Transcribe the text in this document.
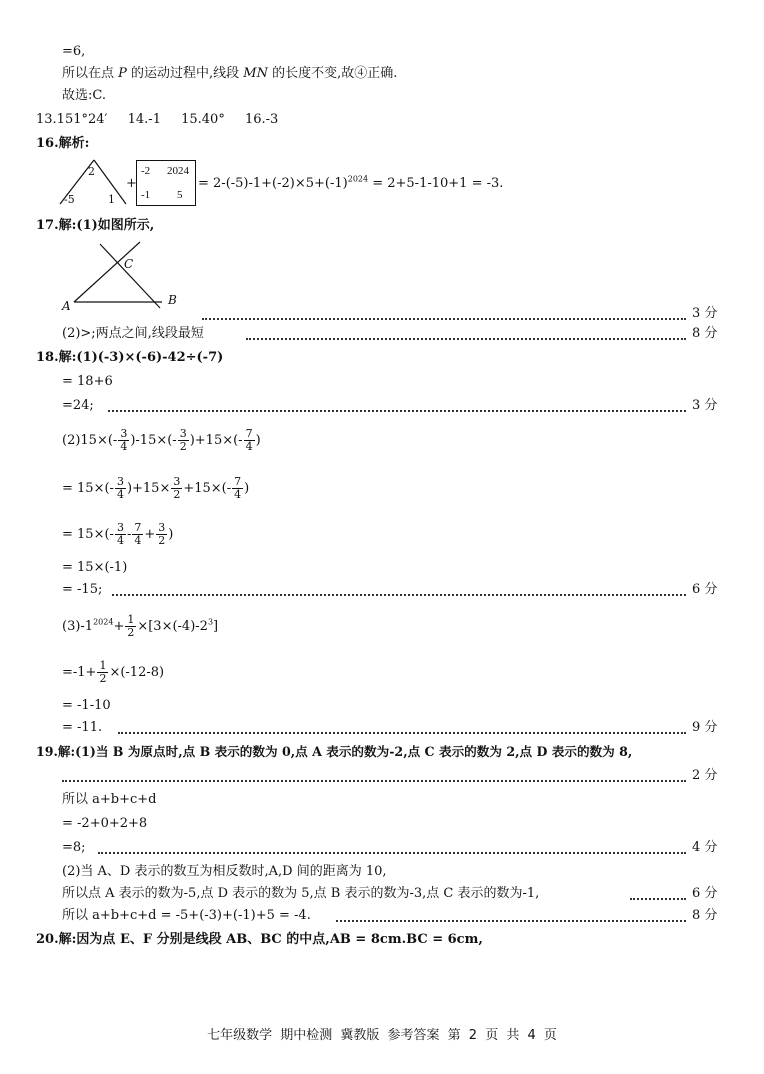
=6,
所以在点 P 的运动过程中,线段 MN 的长度不变,故④正确.
故选:C.
13.151°24′ 14.-1 15.40° 16.-3
16.解析:
2
-5	1
+
-2 2024
-1 5
= $2-(-5)-1+(-2)\times 5+(-1)^{2024} = 2+5-1-10+1 = -3$.
17.解:(1)如图所示,
A	B
C
3 分
(2)>;两点之间,线段最短	8 分
18.解:(1)(-3)×(-6)-42÷(-7)
= 18+6
=24;	3 分
$(2)15\times(- \frac{3}{4} )-15\times(- \frac{3}{2} )+15\times(- \frac{7}{4}$ )
= $15\times(- \frac{3}{4} )+15\times \frac{3}{2} +15\times(- \frac{7}{4}$ )
= $15\times(- \frac{3}{4} - \frac{7}{4} + \frac{3}{2}$ )
= 15×(-1)
= -15;	6 分
$(3)-1^{2024}+ \frac{1}{2} \times[3\times(-4)-2^3]$
$=-1+ \frac{1}{2} \times(-12-8)$
= -1-10
= -11.	9 分
19.解:(1)当 B 为原点时,点 B 表示的数为 0,点 A 表示的数为-2,点 C 表示的数为 2,点 D 表示的数为 8,
2 分
所以 a+b+c+d
= -2+0+2+8
=8;	4 分
(2)当 A、D 表示的数互为相反数时,A,D 间的距离为 10,
所以点 A 表示的数为-5,点 D 表示的数为 5,点 B 表示的数为-3,点 C 表示的数为-1,	6 分
所以 a+b+c+d = -5+(-3)+(-1)+5 = -4.	8 分
20.解:因为点 E、F 分别是线段 AB、BC 的中点,AB = 8cm.BC = 6cm,
七年级数学 期中检测 冀教版 参考答案 第 2 页 共 4 页
